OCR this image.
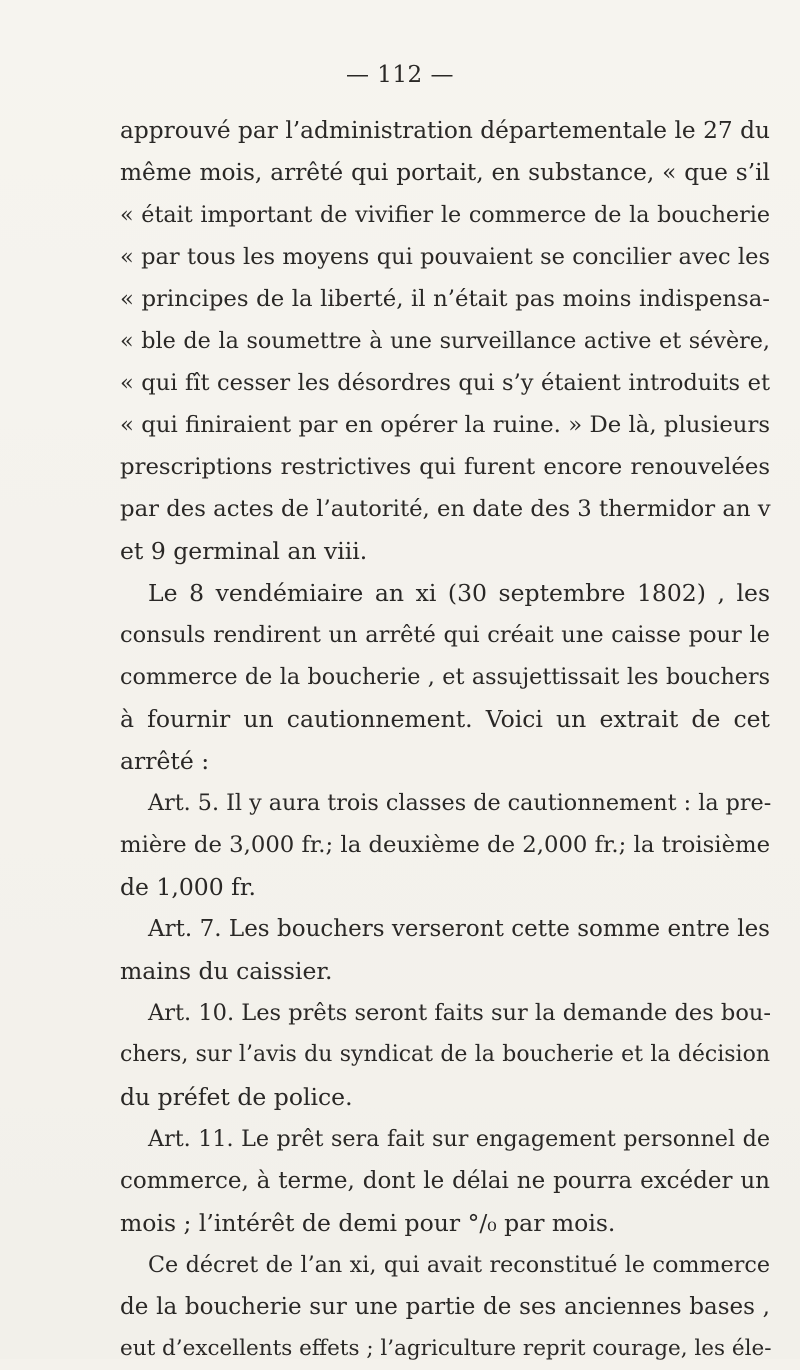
— 112 —
approuvé par l’administration départementale le 27 du
même mois, arrêté qui portait, en substance, « que s’il
« était important de vivifier le commerce de la boucherie
« par tous les moyens qui pouvaient se concilier avec les
« principes de la liberté, il n’était pas moins indispensa-
« ble de la soumettre à une surveillance active et sévère,
« qui fît cesser les désordres qui s’y étaient introduits et
« qui finiraient par en opérer la ruine. » De là, plusieurs
prescriptions restrictives qui furent encore renouvelées
par des actes de l’autorité, en date des 3 thermidor an v
et 9 germinal an viii.
Le 8 vendémiaire an xi (30 septembre 1802) , les
consuls rendirent un arrêté qui créait une caisse pour le
commerce de la boucherie , et assujettissait les bouchers
à fournir un cautionnement. Voici un extrait de cet
arrêté :
Art. 5. Il y aura trois classes de cautionnement : la pre-
mière de 3,000 fr.; la deuxième de 2,000 fr.; la troisième
de 1,000 fr.
Art. 7. Les bouchers verseront cette somme entre les
mains du caissier.
Art. 10. Les prêts seront faits sur la demande des bou-
chers, sur l’avis du syndicat de la boucherie et la décision
du préfet de police.
Art. 11. Le prêt sera fait sur engagement personnel de
commerce, à terme, dont le délai ne pourra excéder un
mois ; l’intérêt de demi pour °/₀ par mois.
Ce décret de l’an xi, qui avait reconstitué le commerce
de la boucherie sur une partie de ses anciennes bases ,
eut d’excellents effets ; l’agriculture reprit courage, les éle-
